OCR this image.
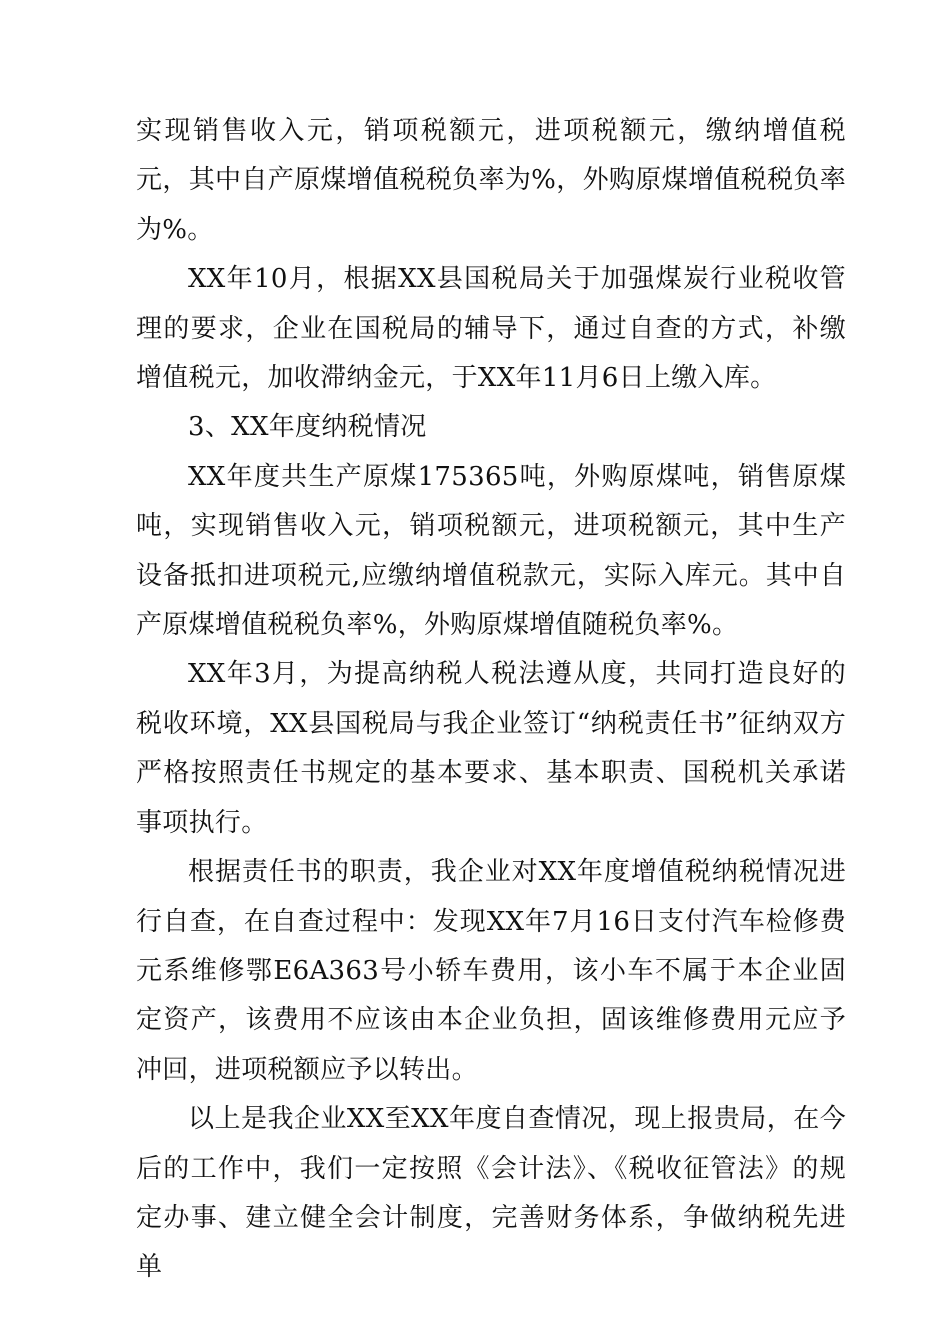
实现销售收入元，销项税额元，进项税额元，缴纳增值税元，其中自产原煤增值税税负率为%，外购原煤增值税税负率为%。

XX年10月，根据XX县国税局关于加强煤炭行业税收管理的要求，企业在国税局的辅导下，通过自查的方式，补缴增值税元，加收滞纳金元，于XX年11月6日上缴入库。

3、XX年度纳税情况

XX年度共生产原煤175365吨，外购原煤吨，销售原煤吨，实现销售收入元，销项税额元，进项税额元，其中生产设备抵扣进项税元,应缴纳增值税款元，实际入库元。其中自产原煤增值税税负率%，外购原煤增值随税负率%。

XX年3月，为提高纳税人税法遵从度，共同打造良好的税收环境，XX县国税局与我企业签订“纳税责任书”征纳双方严格按照责任书规定的基本要求、基本职责、国税机关承诺事项执行。

根据责任书的职责，我企业对XX年度增值税纳税情况进行自查，在自查过程中：发现XX年7月16日支付汽车检修费元系维修鄂E6A363号小轿车费用，该小车不属于本企业固定资产，该费用不应该由本企业负担，固该维修费用元应予冲回，进项税额应予以转出。

以上是我企业XX至XX年度自查情况，现上报贵局，在今后的工作中，我们一定按照《会计法》、《税收征管法》的规定办事、建立健全会计制度，完善财务体系，争做纳税先进单
